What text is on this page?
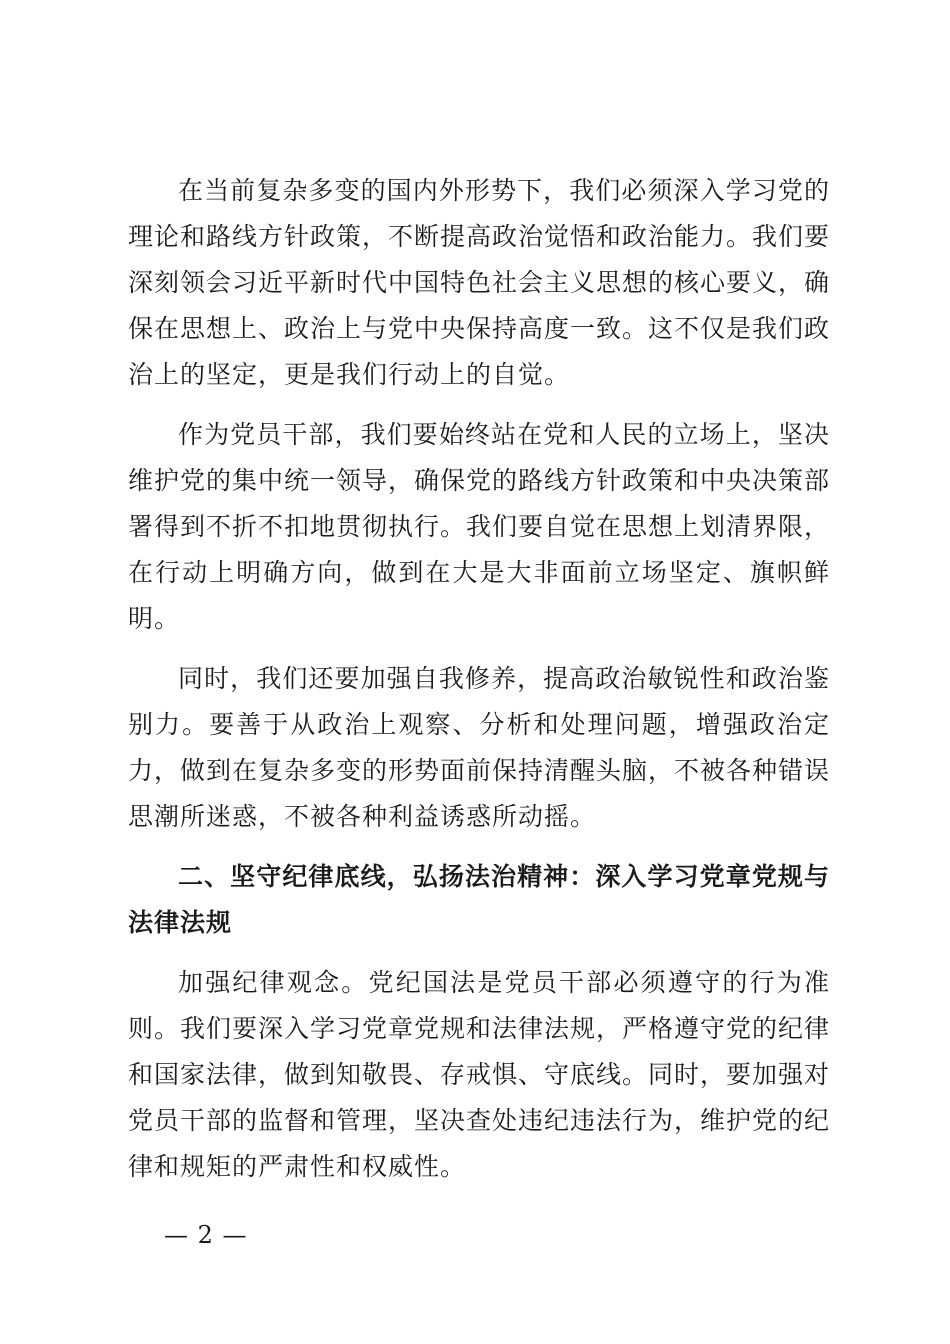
在当前复杂多变的国内外形势下，我们必须深入学习党的理论和路线方针政策，不断提高政治觉悟和政治能力。我们要深刻领会习近平新时代中国特色社会主义思想的核心要义，确保在思想上、政治上与党中央保持高度一致。这不仅是我们政治上的坚定，更是我们行动上的自觉。

作为党员干部，我们要始终站在党和人民的立场上，坚决维护党的集中统一领导，确保党的路线方针政策和中央决策部署得到不折不扣地贯彻执行。我们要自觉在思想上划清界限，在行动上明确方向，做到在大是大非面前立场坚定、旗帜鲜明。

同时，我们还要加强自我修养，提高政治敏锐性和政治鉴别力。要善于从政治上观察、分析和处理问题，增强政治定力，做到在复杂多变的形势面前保持清醒头脑，不被各种错误思潮所迷惑，不被各种利益诱惑所动摇。

二、坚守纪律底线，弘扬法治精神：深入学习党章党规与法律法规

加强纪律观念。党纪国法是党员干部必须遵守的行为准则。我们要深入学习党章党规和法律法规，严格遵守党的纪律和国家法律，做到知敬畏、存戒惧、守底线。同时，要加强对党员干部的监督和管理，坚决查处违纪违法行为，维护党的纪律和规矩的严肃性和权威性。

— 2 —
